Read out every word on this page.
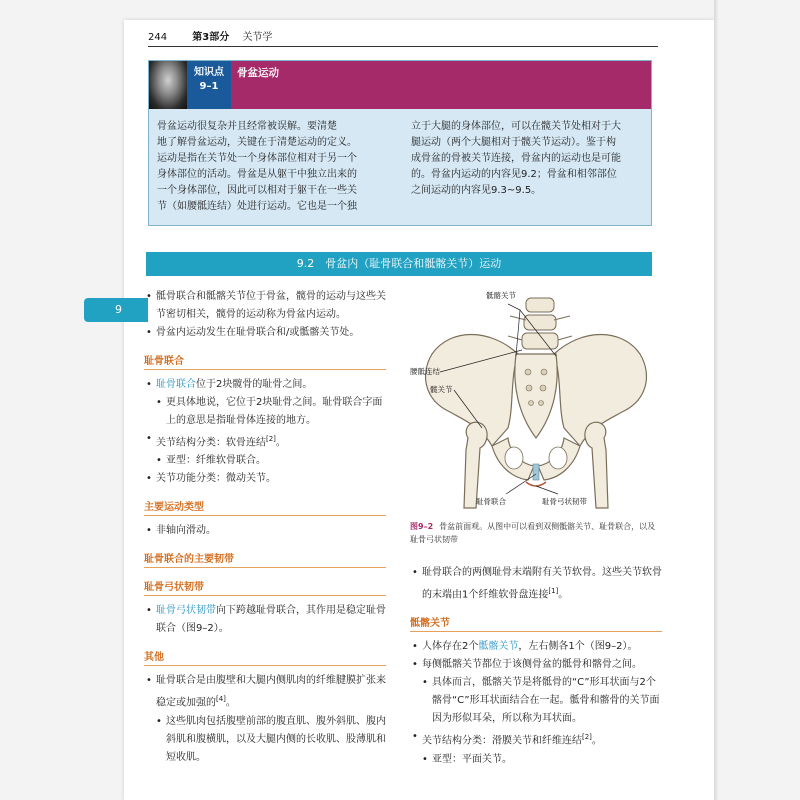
244	第3部分 关节学
知识点
9–1
骨盆运动
骨盆运动很复杂并且经常被误解。要清楚
地了解骨盆运动，关键在于清楚运动的定义。
运动是指在关节处一个身体部位相对于另一个
身体部位的活动。骨盆是从躯干中独立出来的
一个身体部位，因此可以相对于躯干在一些关
节（如腰骶连结）处进行运动。它也是一个独
立于大腿的身体部位，可以在髋关节处相对于大
腿运动（两个大腿相对于髋关节运动）。鉴于构
成骨盆的骨被关节连接，骨盆内的运动也是可能
的。骨盆内运动的内容见9.2；骨盆和相邻部位
之间运动的内容见9.3~9.5。
9.2　骨盆内（耻骨联合和骶髂关节）运动

• 骶骨联合和骶髂关节位于骨盆，髋骨的运动与这些关节密切相关，髋骨的运动称为骨盆内运动。

• 骨盆内运动发生在耻骨联合和/或骶髂关节处。

耻骨联合

• 耻骨联合位于2块髋骨的耻骨之间。

• 更具体地说，它位于2块耻骨之间。耻骨联合字面上的意思是指耻骨体连接的地方。

• 关节结构分类：软骨连结[2]。

• 亚型：纤维软骨联合。

• 关节功能分类：微动关节。

主要运动类型

• 非轴向滑动。

耻骨联合的主要韧带
耻骨弓状韧带

• 耻骨弓状韧带向下跨越耻骨联合，其作用是稳定耻骨联合（图9–2）。

其他

• 耻骨联合是由腹壁和大腿内侧肌肉的纤维腱膜扩张来稳定或加强的[4]。

• 这些肌肉包括腹壁前部的腹直肌、腹外斜肌、腹内斜肌和腹横肌，以及大腿内侧的长收肌、股薄肌和短收肌。

骶髂关节
腰骶连结
髋关节
耻骨联合	耻骨弓状韧带
图9–2 骨盆前面观。从图中可以看到双侧骶髂关节、耻骨联合，以及耻骨弓状韧带

• 耻骨联合的两侧耻骨末端附有关节软骨。这些关节软骨的末端由1个纤维软骨盘连接[1]。

骶髂关节

• 人体存在2个骶髂关节，左右侧各1个（图9–2）。

• 每侧骶髂关节都位于该侧骨盆的骶骨和髂骨之间。

• 具体而言，骶髂关节是将骶骨的“C”形耳状面与2个髂骨“C”形耳状面结合在一起。骶骨和髂骨的关节面因为形似耳朵，所以称为耳状面。

• 关节结构分类：滑膜关节和纤维连结[2]。

• 亚型：平面关节。

9
